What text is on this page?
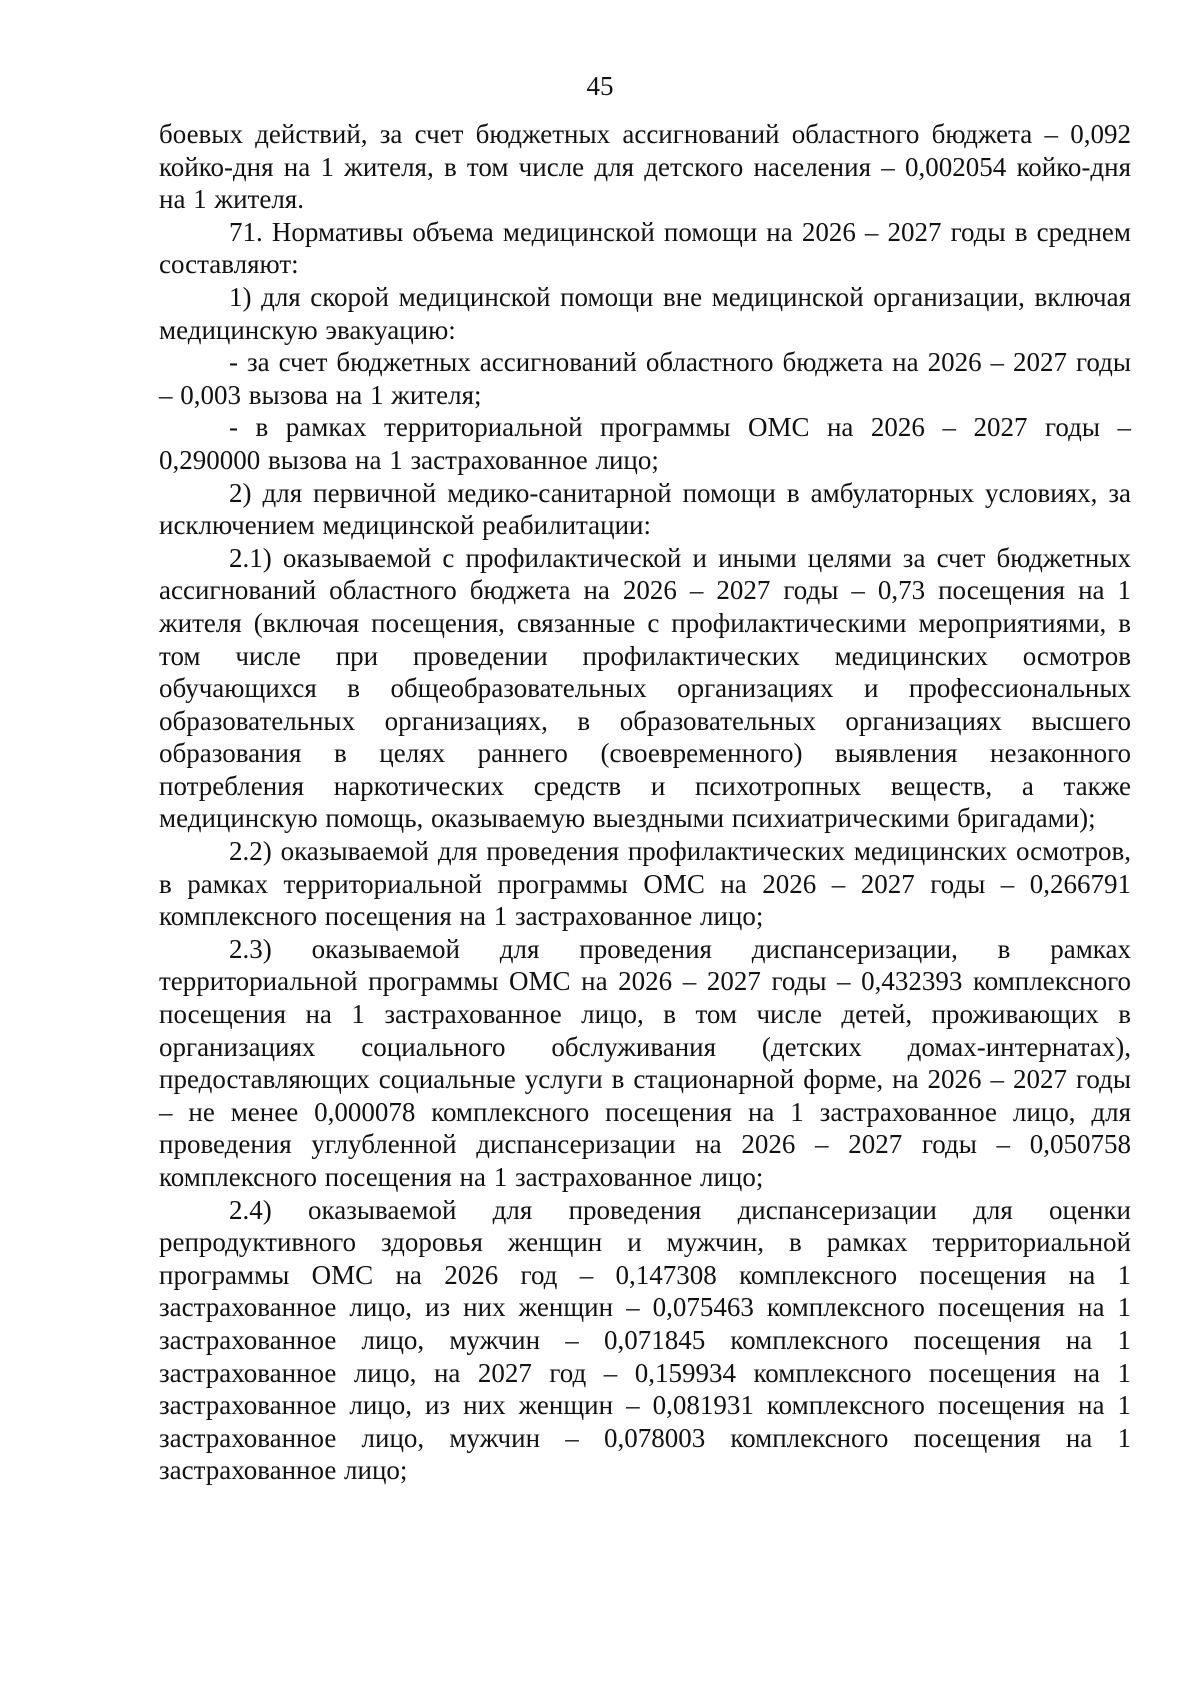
45

боевых действий, за счет бюджетных ассигнований областного бюджета – 0,092 койко-дня на 1 жителя, в том числе для детского населения – 0,002054 койко-дня на 1 жителя.

71. Нормативы объема медицинской помощи на 2026 – 2027 годы в среднем составляют:

1) для скорой медицинской помощи вне медицинской организации, включая медицинскую эвакуацию:

- за счет бюджетных ассигнований областного бюджета на 2026 – 2027 годы – 0,003 вызова на 1 жителя;

- в рамках территориальной программы ОМС на 2026 – 2027 годы – 0,290000 вызова на 1 застрахованное лицо;

2) для первичной медико-санитарной помощи в амбулаторных условиях, за исключением медицинской реабилитации:

2.1) оказываемой с профилактической и иными целями за счет бюджетных ассигнований областного бюджета на 2026 – 2027 годы – 0,73 посещения на 1 жителя (включая посещения, связанные с профилактическими мероприятиями, в том числе при проведении профилактических медицинских осмотров обучающихся в общеобразовательных организациях и профессиональных образовательных организациях, в образовательных организациях высшего образования в целях раннего (своевременного) выявления незаконного потребления наркотических средств и психотропных веществ, а также медицинскую помощь, оказываемую выездными психиатрическими бригадами);

2.2) оказываемой для проведения профилактических медицинских осмотров, в рамках территориальной программы ОМС на 2026 – 2027 годы – 0,266791 комплексного посещения на 1 застрахованное лицо;

2.3) оказываемой для проведения диспансеризации, в рамках территориальной программы ОМС на 2026 – 2027 годы – 0,432393 комплексного посещения на 1 застрахованное лицо, в том числе детей, проживающих в организациях социального обслуживания (детских домах-интернатах), предоставляющих социальные услуги в стационарной форме, на 2026 – 2027 годы – не менее 0,000078 комплексного посещения на 1 застрахованное лицо, для проведения углубленной диспансеризации на 2026 – 2027 годы – 0,050758 комплексного посещения на 1 застрахованное лицо;

2.4) оказываемой для проведения диспансеризации для оценки репродуктивного здоровья женщин и мужчин, в рамках территориальной программы ОМС на 2026 год – 0,147308 комплексного посещения на 1 застрахованное лицо, из них женщин – 0,075463 комплексного посещения на 1 застрахованное лицо, мужчин – 0,071845 комплексного посещения на 1 застрахованное лицо, на 2027 год – 0,159934 комплексного посещения на 1 застрахованное лицо, из них женщин – 0,081931 комплексного посещения на 1 застрахованное лицо, мужчин – 0,078003 комплексного посещения на 1 застрахованное лицо;
